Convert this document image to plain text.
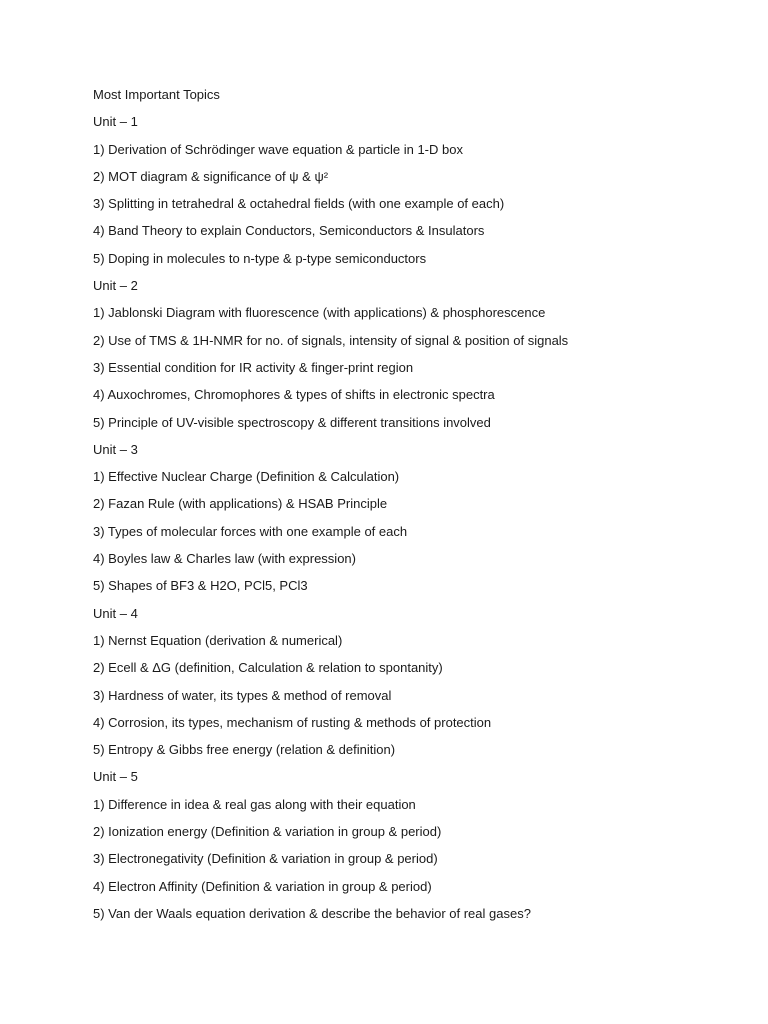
Most Important Topics
Unit – 1
1) Derivation of Schrödinger wave equation & particle in 1-D box
2) MOT diagram & significance of ψ & ψ²
3) Splitting in tetrahedral & octahedral fields (with one example of each)
4) Band Theory to explain Conductors, Semiconductors & Insulators
5) Doping in molecules to n-type & p-type semiconductors
Unit – 2
1) Jablonski Diagram with fluorescence (with applications) & phosphorescence
2) Use of TMS & 1H-NMR for no. of signals, intensity of signal & position of signals
3) Essential condition for IR activity & finger-print region
4) Auxochromes, Chromophores & types of shifts in electronic spectra
5) Principle of UV-visible spectroscopy & different transitions involved
Unit – 3
1) Effective Nuclear Charge (Definition & Calculation)
2) Fazan Rule (with applications) & HSAB Principle
3) Types of molecular forces with one example of each
4) Boyles law & Charles law (with expression)
5) Shapes of BF3 & H2O, PCl5, PCl3
Unit – 4
1) Nernst Equation (derivation & numerical)
2) Ecell & ΔG (definition, Calculation & relation to spontanity)
3) Hardness of water, its types & method of removal
4) Corrosion, its types, mechanism of rusting & methods of protection
5) Entropy & Gibbs free energy (relation & definition)
Unit – 5
1) Difference in idea & real gas along with their equation
2) Ionization energy (Definition & variation in group & period)
3) Electronegativity (Definition & variation in group & period)
4) Electron Affinity (Definition & variation in group & period)
5) Van der Waals equation derivation & describe the behavior of real gases?
